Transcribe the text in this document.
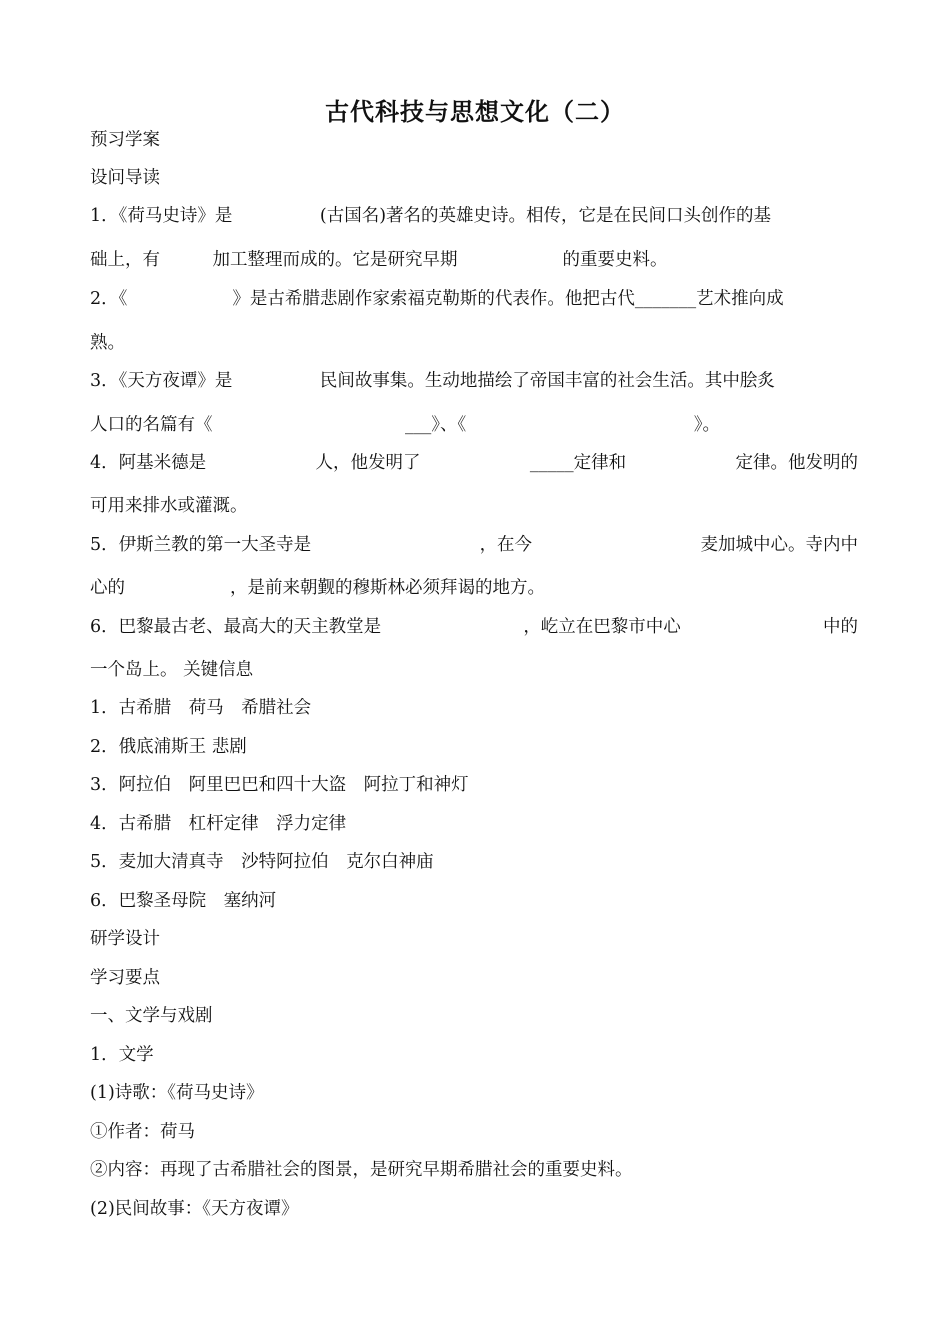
古代科技与思想文化（二）
预习学案
设问导读
1．《荷马史诗》是　　　　　(古国名)著名的英雄史诗。相传，它是在民间口头创作的基
础上，有　　　加工整理而成的。它是研究早期　　　　　　的重要史料。
2．《　　　　　　》是古希腊悲剧作家索福克勒斯的代表作。他把古代_______艺术推向成
熟。
3．《天方夜谭》是　　　　　民间故事集。生动地描绘了帝国丰富的社会生活。其中脍炙
人口的名篇有《　　　　　　　　　　　___》、《　　　　　　　　　　　　　》。
4．阿基米德是	人，他发明了	_____定律和	定律。他发明的
可用来排水或灌溉。
5．伊斯兰教的第一大圣寺是	，在今	麦加城中心。寺内中
心的　　　　　　，是前来朝觐的穆斯林必须拜谒的地方。
6．巴黎最古老、最高大的天主教堂是	，屹立在巴黎市中心	中的
一个岛上。 关键信息
1．古希腊　荷马　希腊社会
2．俄底浦斯王 悲剧
3．阿拉伯　阿里巴巴和四十大盗　阿拉丁和神灯
4．古希腊　杠杆定律　浮力定律
5．麦加大清真寺　沙特阿拉伯　克尔白神庙
6．巴黎圣母院　塞纳河
研学设计
学习要点
一、文学与戏剧
1．文学
(1)诗歌：《荷马史诗》
①作者：荷马
②内容：再现了古希腊社会的图景，是研究早期希腊社会的重要史料。
(2)民间故事：《天方夜谭》
